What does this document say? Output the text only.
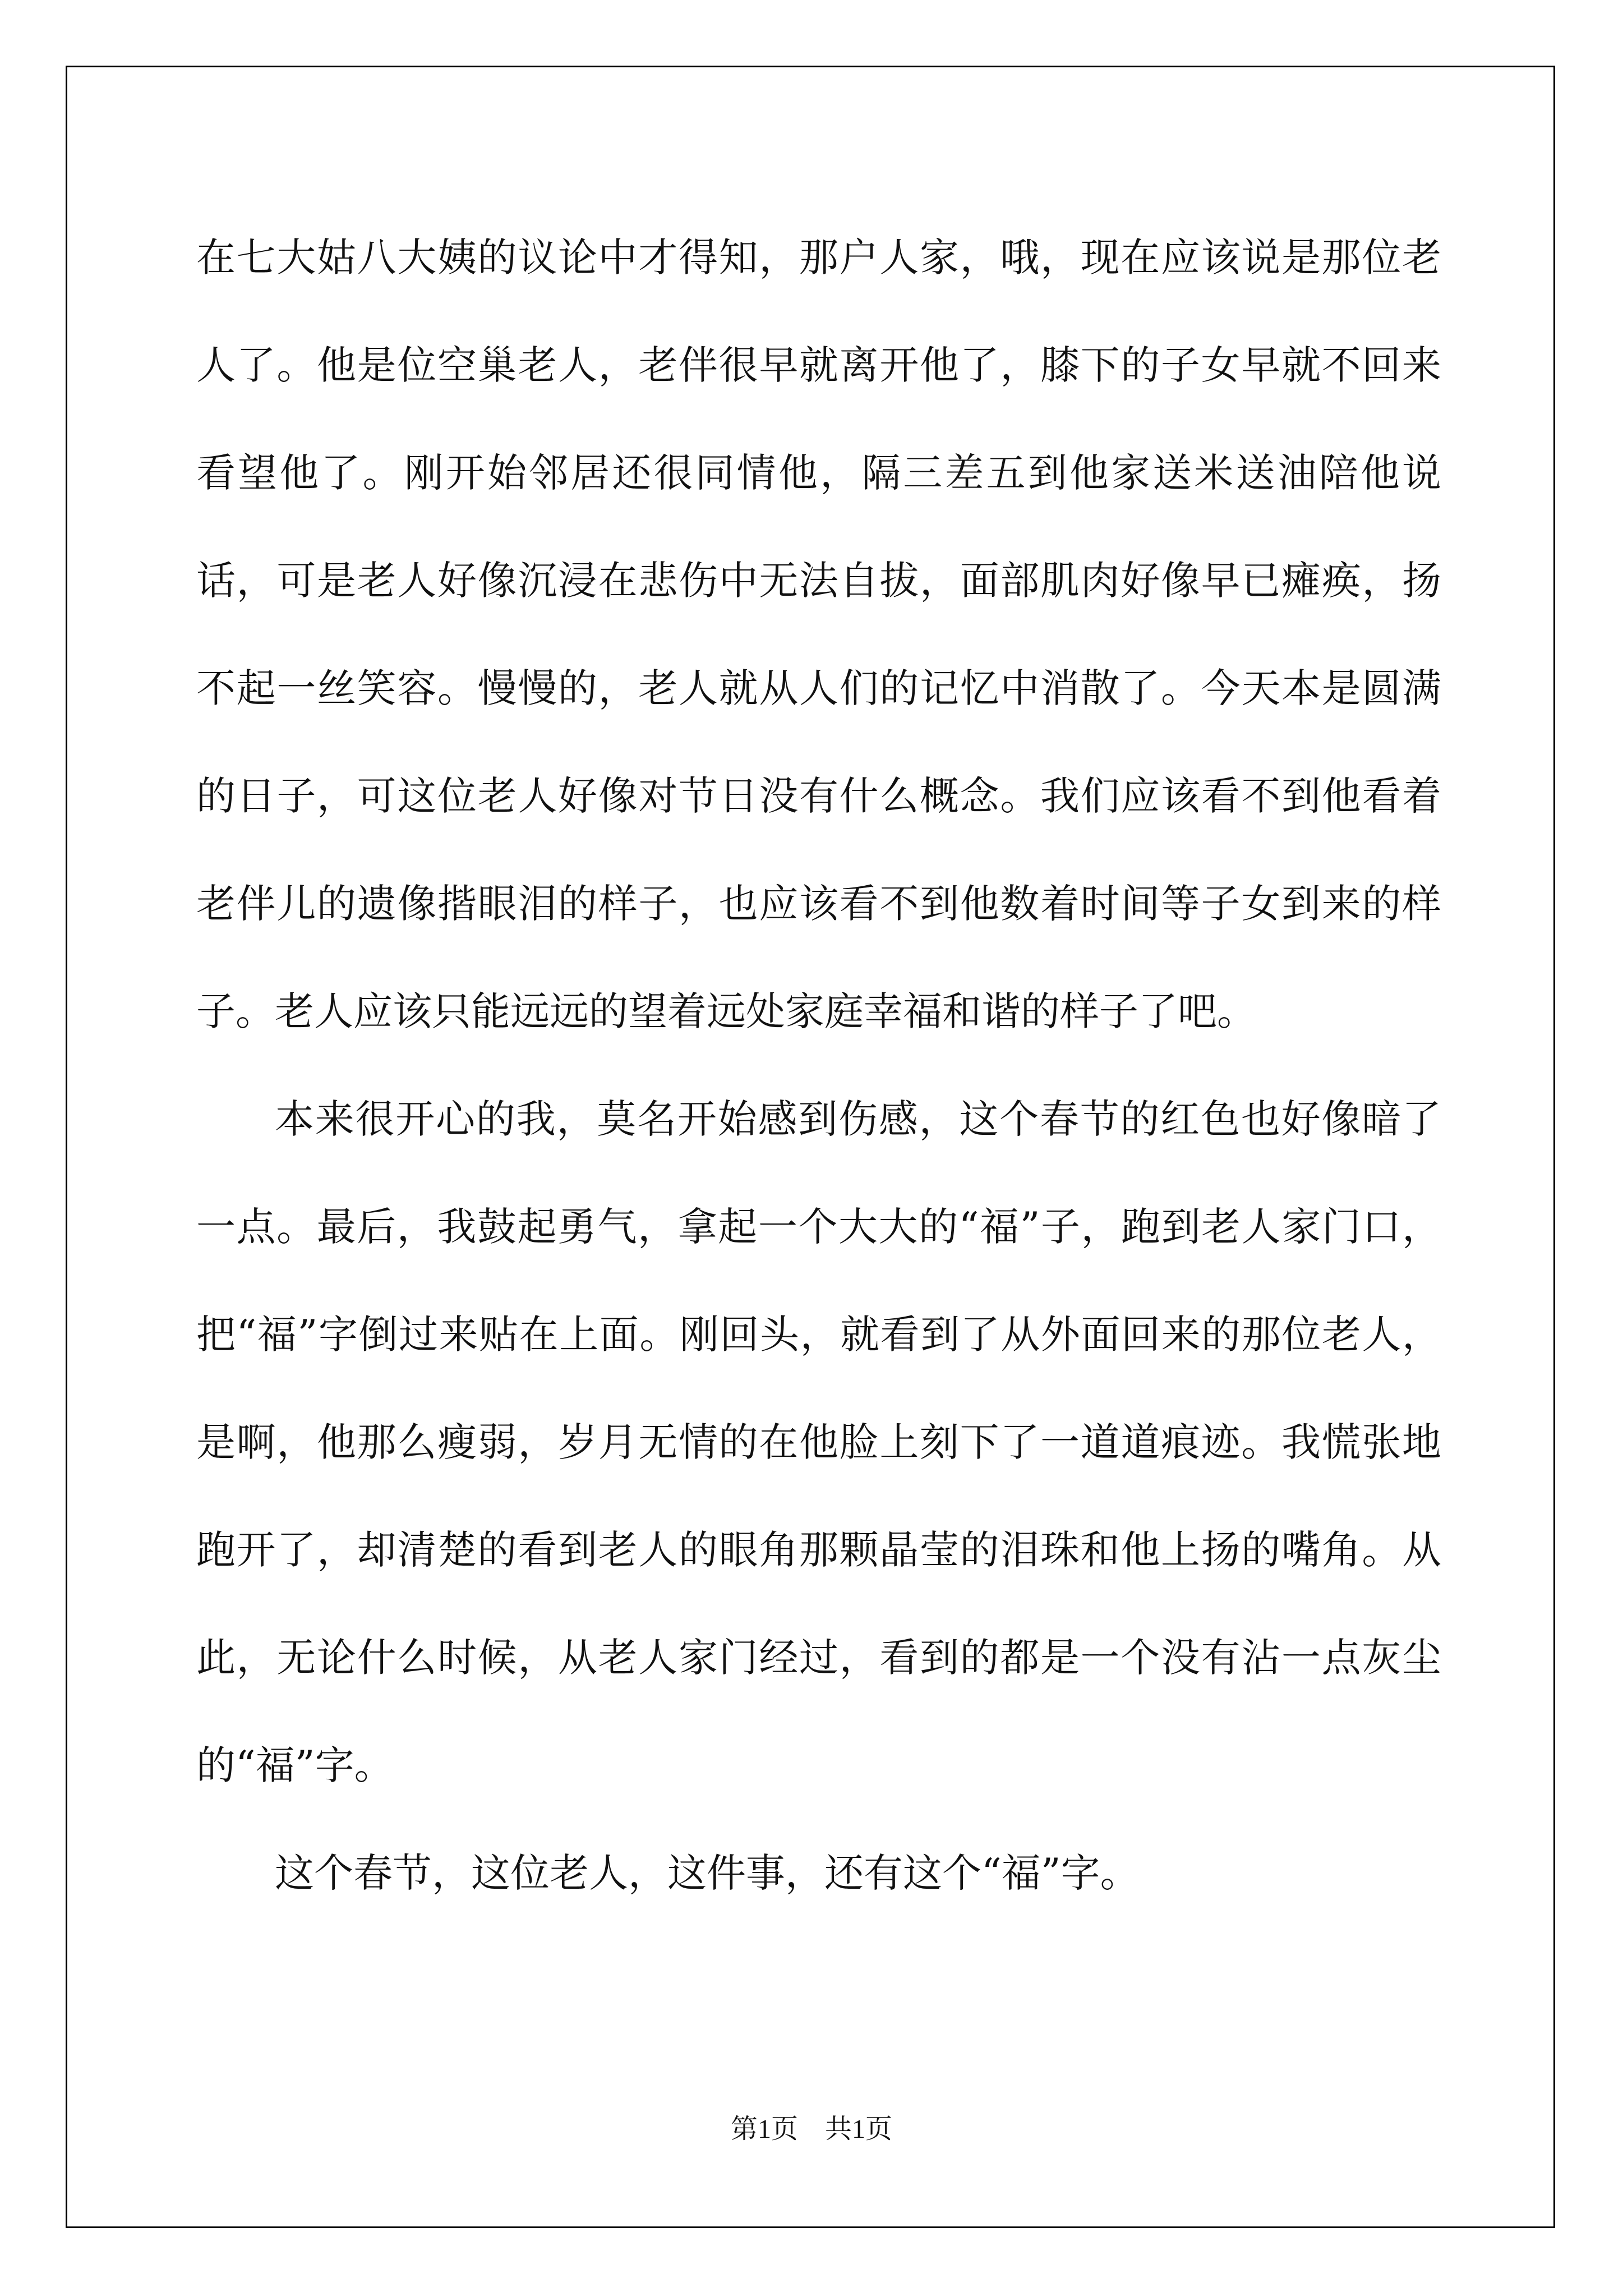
在七大姑八大姨的议论中才得知，那户人家，哦，现在应该说是那位老人了。他是位空巢老人，老伴很早就离开他了，膝下的子女早就不回来看望他了。刚开始邻居还很同情他，隔三差五到他家送米送油陪他说话，可是老人好像沉浸在悲伤中无法自拔，面部肌肉好像早已瘫痪，扬不起一丝笑容。慢慢的，老人就从人们的记忆中消散了。今天本是圆满的日子，可这位老人好像对节日没有什么概念。我们应该看不到他看着老伴儿的遗像揩眼泪的样子，也应该看不到他数着时间等子女到来的样子。老人应该只能远远的望着远处家庭幸福和谐的样子了吧。

本来很开心的我，莫名开始感到伤感，这个春节的红色也好像暗了一点。最后，我鼓起勇气，拿起一个大大的“福”子，跑到老人家门口，把“福”字倒过来贴在上面。刚回头，就看到了从外面回来的那位老人，是啊，他那么瘦弱，岁月无情的在他脸上刻下了一道道痕迹。我慌张地跑开了，却清楚的看到老人的眼角那颗晶莹的泪珠和他上扬的嘴角。从此，无论什么时候，从老人家门经过，看到的都是一个没有沾一点灰尘的“福”字。

这个春节，这位老人，这件事，还有这个“福”字。

第1页　共1页
